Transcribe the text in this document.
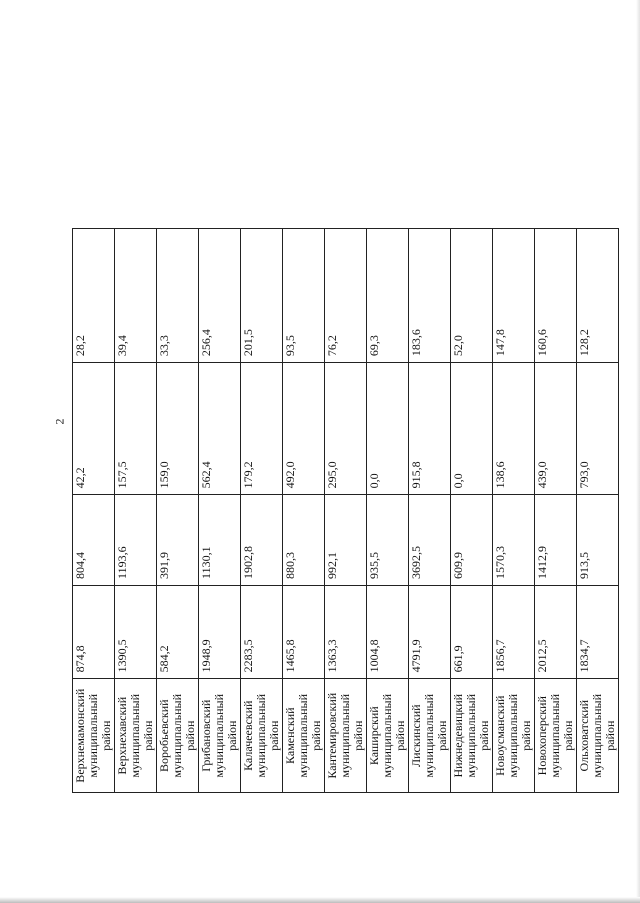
2
Верхнемамонский муниципальный район	874,8	804,4	42,2	28,2
Верхнехавский муниципальный район	1390,5	1193,6	157,5	39,4
Воробьевский муниципальный район	584,2	391,9	159,0	33,3
Грибановский муниципальный район	1948,9	1130,1	562,4	256,4
Калачеевский муниципальный район	2283,5	1902,8	179,2	201,5
Каменский муниципальный район	1465,8	880,3	492,0	93,5
Кантемировский муниципальный район	1363,3	992,1	295,0	76,2
Каширский муниципальный район	1004,8	935,5	0,0	69,3
Лискинский муниципальный район	4791,9	3692,5	915,8	183,6
Нижнедевицкий муниципальный район	661,9	609,9	0,0	52,0
Новоусманский муниципальный район	1856,7	1570,3	138,6	147,8
Новохоперский муниципальный район	2012,5	1412,9	439,0	160,6
Ольховатский муниципальный район	1834,7	913,5	793,0	128,2
